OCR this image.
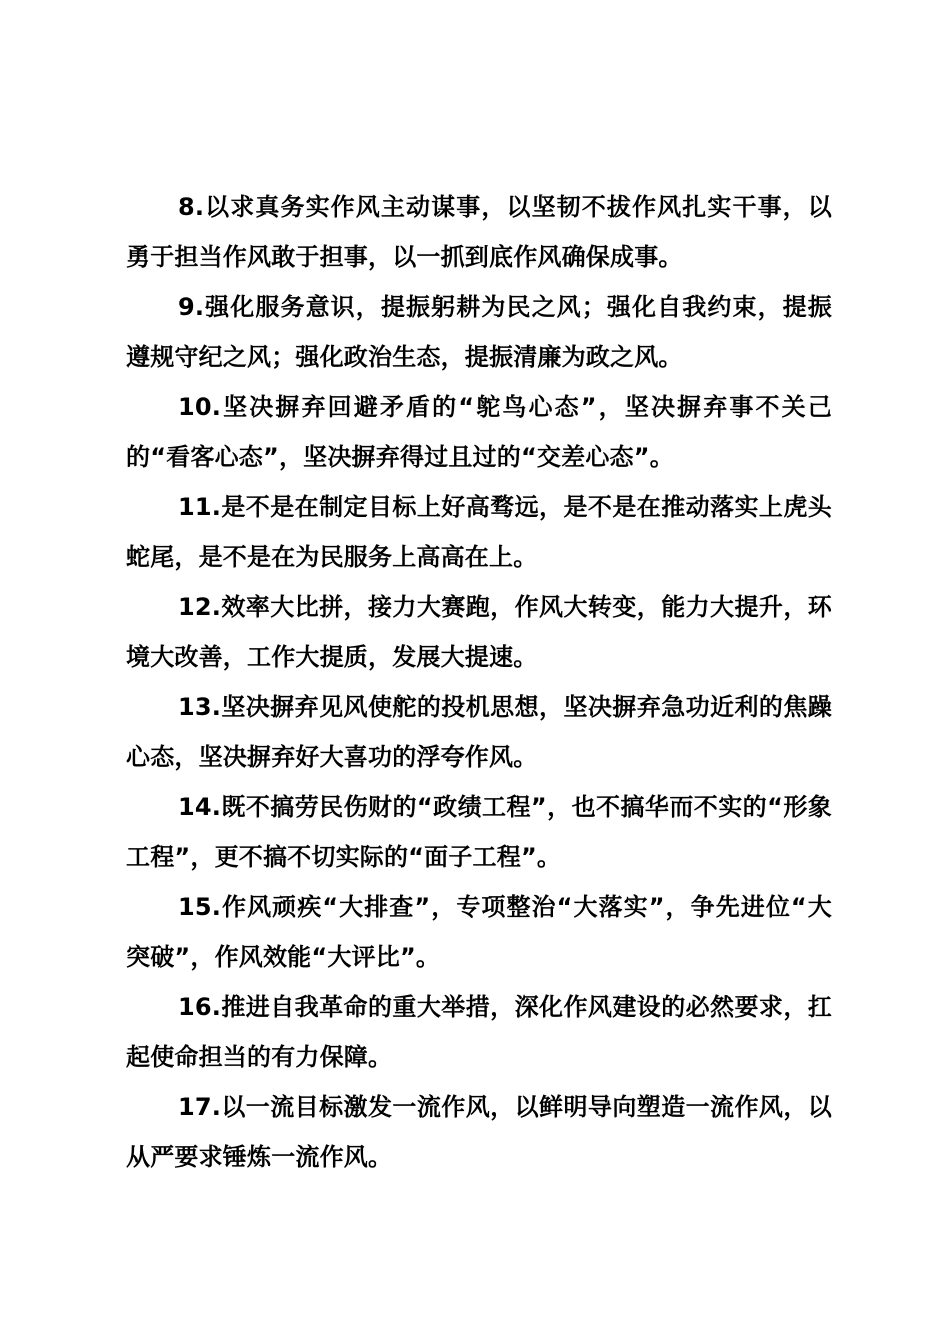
8.以求真务实作风主动谋事，以坚韧不拔作风扎实干事，以勇于担当作风敢于担事，以一抓到底作风确保成事。

9.强化服务意识，提振躬耕为民之风；强化自我约束，提振遵规守纪之风；强化政治生态，提振清廉为政之风。

10.坚决摒弃回避矛盾的“鸵鸟心态”，坚决摒弃事不关己的“看客心态”，坚决摒弃得过且过的“交差心态”。

11.是不是在制定目标上好高骛远，是不是在推动落实上虎头蛇尾，是不是在为民服务上高高在上。

12.效率大比拼，接力大赛跑，作风大转变，能力大提升，环境大改善，工作大提质，发展大提速。

13.坚决摒弃见风使舵的投机思想，坚决摒弃急功近利的焦躁心态，坚决摒弃好大喜功的浮夸作风。

14.既不搞劳民伤财的“政绩工程”，也不搞华而不实的“形象工程”，更不搞不切实际的“面子工程”。

15.作风顽疾“大排查”，专项整治“大落实”，争先进位“大突破”，作风效能“大评比”。

16.推进自我革命的重大举措，深化作风建设的必然要求，扛起使命担当的有力保障。

17.以一流目标激发一流作风，以鲜明导向塑造一流作风，以从严要求锤炼一流作风。
